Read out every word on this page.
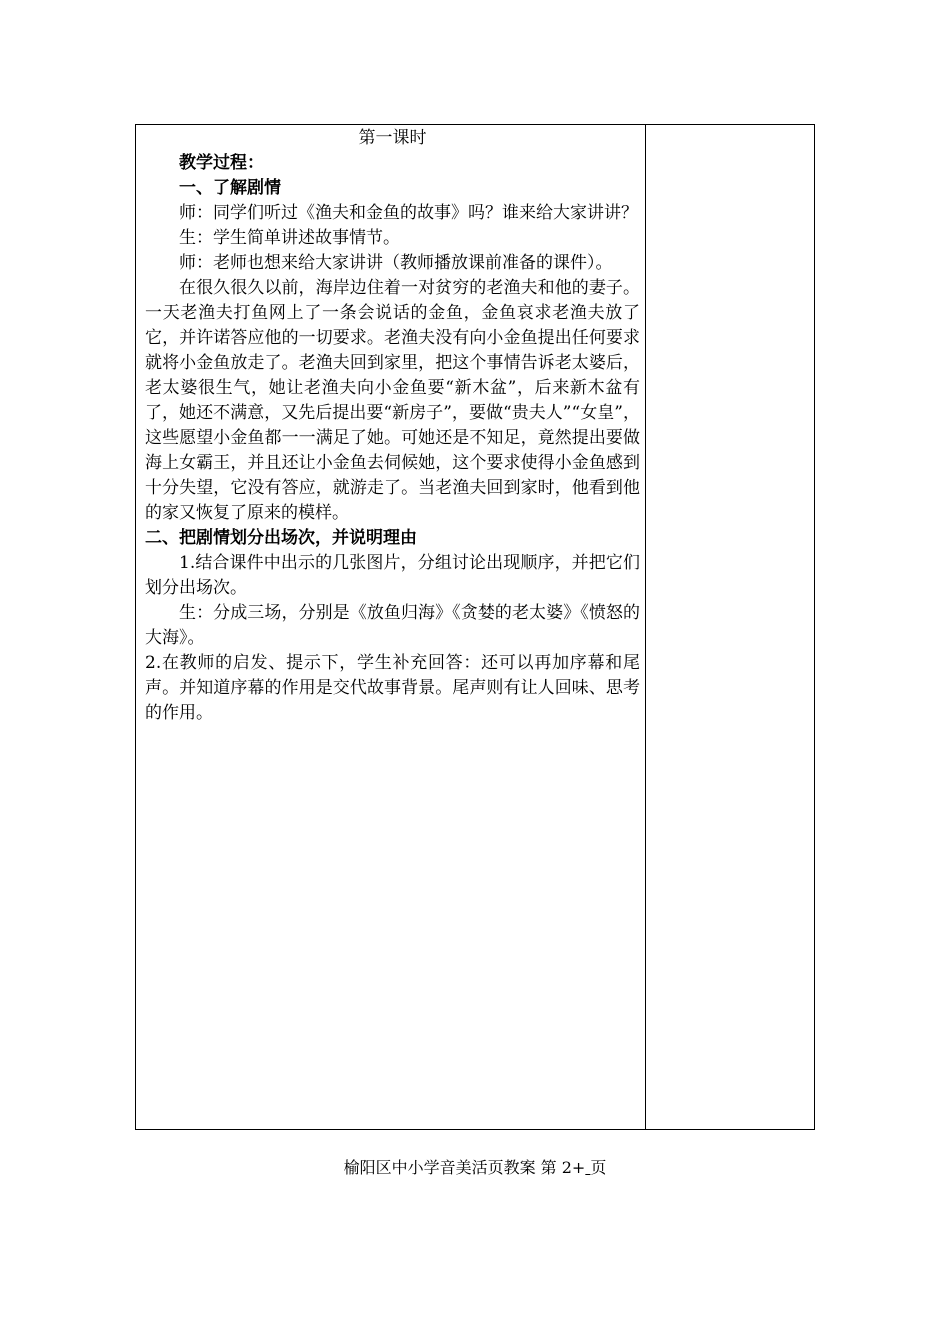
第一课时

教学过程：

一、了解剧情

师：同学们听过《渔夫和金鱼的故事》吗？谁来给大家讲讲？

生：学生简单讲述故事情节。

师：老师也想来给大家讲讲（教师播放课前准备的课件）。

在很久很久以前，海岸边住着一对贫穷的老渔夫和他的妻子。一天老渔夫打鱼网上了一条会说话的金鱼，金鱼哀求老渔夫放了它，并许诺答应他的一切要求。老渔夫没有向小金鱼提出任何要求就将小金鱼放走了。老渔夫回到家里，把这个事情告诉老太婆后，老太婆很生气，她让老渔夫向小金鱼要“新木盆”，后来新木盆有了，她还不满意，又先后提出要“新房子”，要做“贵夫人”“女皇”，这些愿望小金鱼都一一满足了她。可她还是不知足，竟然提出要做海上女霸王，并且还让小金鱼去伺候她，这个要求使得小金鱼感到十分失望，它没有答应，就游走了。当老渔夫回到家时，他看到他的家又恢复了原来的模样。

二、把剧情划分出场次，并说明理由

1.结合课件中出示的几张图片，分组讨论出现顺序，并把它们划分出场次。

生：分成三场，分别是《放鱼归海》《贪婪的老太婆》《愤怒的大海》。

2.在教师的启发、提示下，学生补充回答：还可以再加序幕和尾声。并知道序幕的作用是交代故事背景。尾声则有让人回味、思考的作用。

榆阳区中小学音美活页教案 第 2+ 页
